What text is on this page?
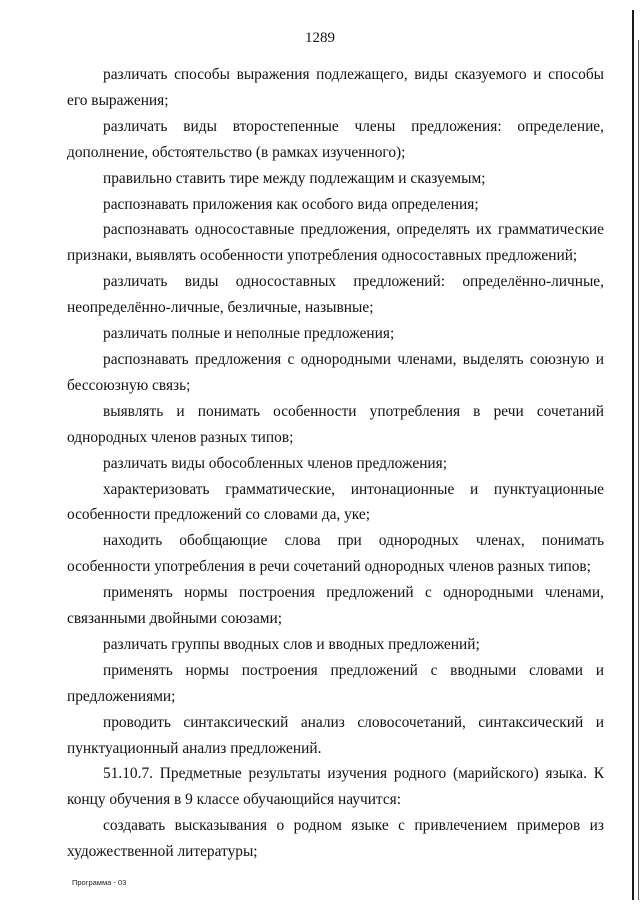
1289

различать способы выражения подлежащего, виды сказуемого и способы его выражения;

различать виды второстепенные члены предложения: определение, дополнение, обстоятельство (в рамках изученного);

правильно ставить тире между подлежащим и сказуемым;

распознавать приложения как особого вида определения;

распознавать односоставные предложения, определять их грамматические признаки, выявлять особенности употребления односоставных предложений;

различать виды односоставных предложений: определённо-личные, неопределённо-личные, безличные, назывные;

различать полные и неполные предложения;

распознавать предложения с однородными членами, выделять союзную и бессоюзную связь;

выявлять и понимать особенности употребления в речи сочетаний однородных членов разных типов;

различать виды обособленных членов предложения;

характеризовать грамматические, интонационные и пунктуационные особенности предложений со словами да, уке;

находить обобщающие слова при однородных членах, понимать особенности употребления в речи сочетаний однородных членов разных типов;

применять нормы построения предложений с однородными членами, связанными двойными союзами;

различать группы вводных слов и вводных предложений;

применять нормы построения предложений с вводными словами и предложениями;

проводить синтаксический анализ словосочетаний, синтаксический и пунктуационный анализ предложений.

51.10.7. Предметные результаты изучения родного (марийского) языка. К концу обучения в 9 классе обучающийся научится:

создавать высказывания о родном языке с привлечением примеров из художественной литературы;

Программа - 03
